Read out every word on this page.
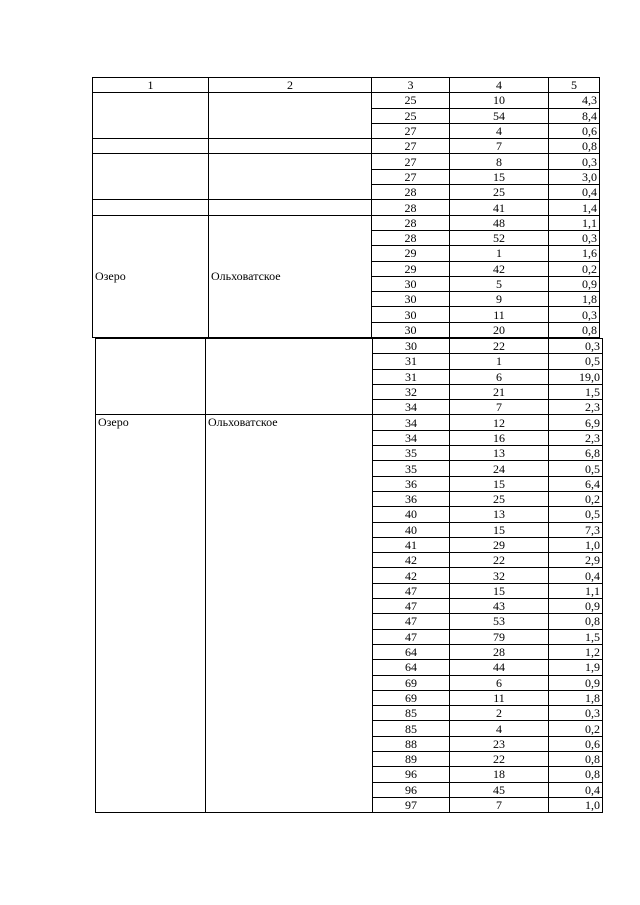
1	2	3	4	5
		25	10	4,3
		25	54	8,4
		27	4	0,6
		27	7	0,8
		27	8	0,3
		27	15	3,0
		28	25	0,4
		28	41	1,4
Озеро	Ольховатское	28	48	1,1
		28	52	0,3
		29	1	1,6
		29	42	0,2
		30	5	0,9
		30	9	1,8
		30	11	0,3
		30	20	0,8
		30	22	0,3
		31	1	0,5
		31	6	19,0
		32	21	1,5
		34	7	2,3
Озеро	Ольховатское	34	12	6,9
		34	16	2,3
		35	13	6,8
		35	24	0,5
		36	15	6,4
		36	25	0,2
		40	13	0,5
		40	15	7,3
		41	29	1,0
		42	22	2,9
		42	32	0,4
		47	15	1,1
		47	43	0,9
		47	53	0,8
		47	79	1,5
		64	28	1,2
		64	44	1,9
		69	6	0,9
		69	11	1,8
		85	2	0,3
		85	4	0,2
		88	23	0,6
		89	22	0,8
		96	18	0,8
		96	45	0,4
		97	7	1,0
